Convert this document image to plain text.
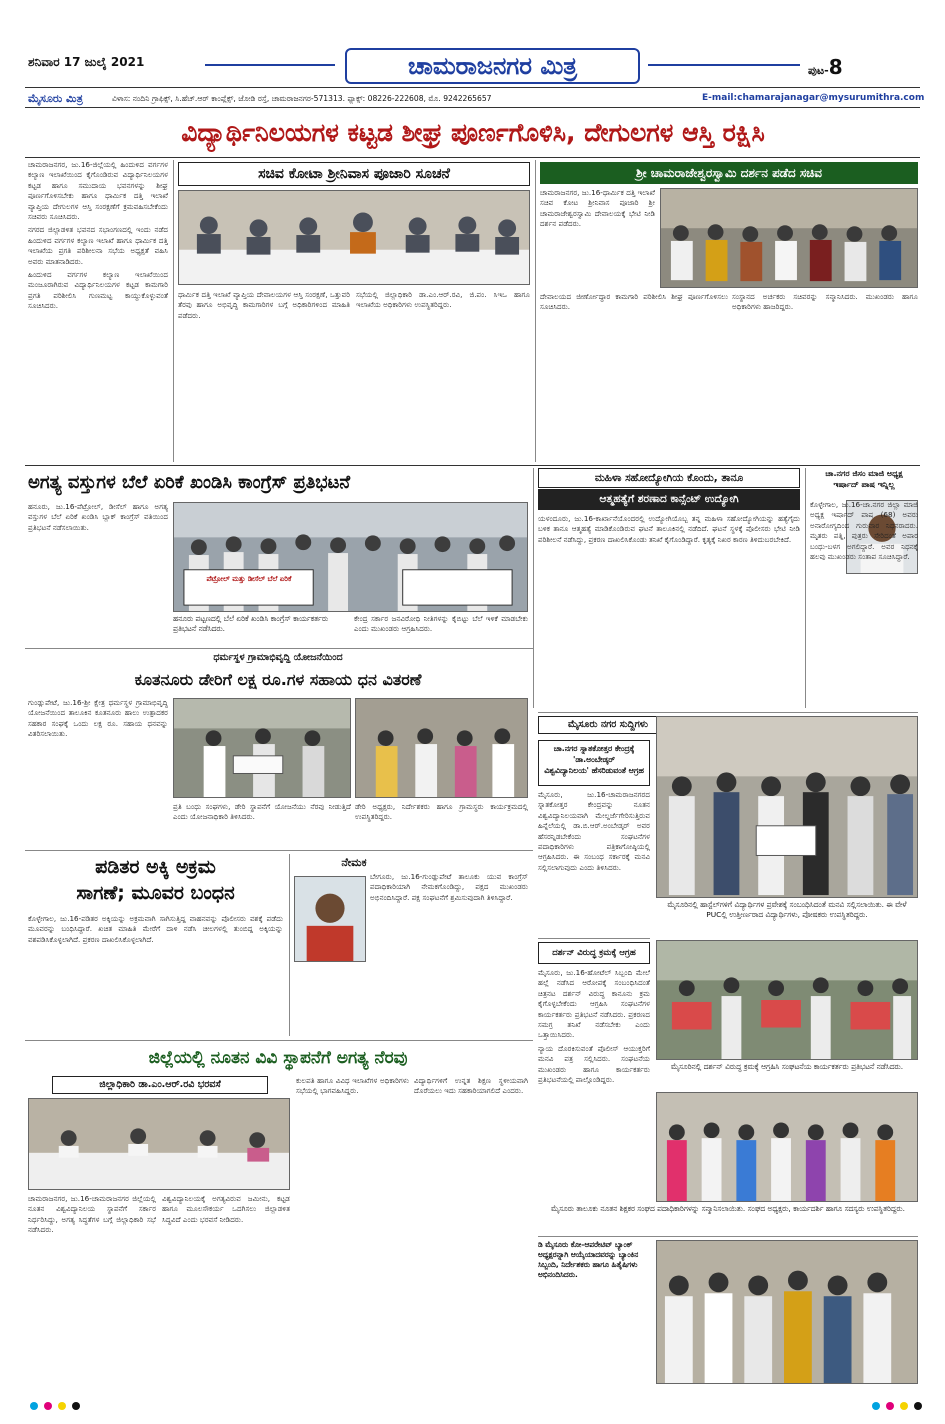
ಶನಿವಾರ 17 ಜುಲೈ 2021	ಚಾಮರಾಜನಗರ ಮಿತ್ರ	ಪುಟ-8
ಮೈಸೂರು ಮಿತ್ರ	ವಿಳಾಸ: ನಂದಿನಿ ಗ್ರಾಫಿಕ್ಸ್, ಸಿ.ಹೆಚ್.ಆರ್ ಕಾಂಪ್ಲೆಕ್ಸ್, ಜೋಡಿ ರಸ್ತೆ, ಚಾಮರಾಜನಗರ-571313. ಫ್ಯಾಕ್ಸ್: 08226-222608, ಮೊ. 9242265657	E-mail:chamarajanagar@mysurumithra.com
ವಿದ್ಯಾರ್ಥಿನಿಲಯಗಳ ಕಟ್ಟಡ ಶೀಘ್ರ ಪೂರ್ಣಗೊಳಿಸಿ, ದೇಗುಲಗಳ ಆಸ್ತಿ ರಕ್ಷಿಸಿ

ಚಾಮರಾಜನಗರ, ಜು.16-ಜಿಲ್ಲೆಯಲ್ಲಿ ಹಿಂದುಳಿದ ವರ್ಗಗಳ ಕಲ್ಯಾಣ ಇಲಾಖೆಯಿಂದ ಕೈಗೊಂಡಿರುವ ವಿದ್ಯಾರ್ಥಿನಿಲಯಗಳ ಕಟ್ಟಡ ಹಾಗೂ ಸಮುದಾಯ ಭವನಗಳನ್ನು ಶೀಘ್ರ ಪೂರ್ಣಗೊಳಿಸಬೇಕು ಹಾಗೂ ಧಾರ್ಮಿಕ ದತ್ತಿ ಇಲಾಖೆ ವ್ಯಾಪ್ತಿಯ ದೇಗುಲಗಳ ಆಸ್ತಿ ಸಂರಕ್ಷಣೆಗೆ ಕ್ರಮವಹಿಸಬೇಕೆಂದು ಸಚಿವರು ಸೂಚಿಸಿದರು.

ನಗರದ ಜಿಲ್ಲಾಡಳಿತ ಭವನದ ಸಭಾಂಗಣದಲ್ಲಿ ಇಂದು ನಡೆದ ಹಿಂದುಳಿದ ವರ್ಗಗಳ ಕಲ್ಯಾಣ ಇಲಾಖೆ ಹಾಗೂ ಧಾರ್ಮಿಕ ದತ್ತಿ ಇಲಾಖೆಯ ಪ್ರಗತಿ ಪರಿಶೀಲನಾ ಸಭೆಯ ಅಧ್ಯಕ್ಷತೆ ವಹಿಸಿ ಅವರು ಮಾತನಾಡಿದರು.

ಹಿಂದುಳಿದ ವರ್ಗಗಳ ಕಲ್ಯಾಣ ಇಲಾಖೆಯಿಂದ ಮಂಜೂರಾಗಿರುವ ವಿದ್ಯಾರ್ಥಿನಿಲಯಗಳ ಕಟ್ಟಡ ಕಾಮಗಾರಿ ಪ್ರಗತಿ ಪರಿಶೀಲಿಸಿ ಗುಣಮಟ್ಟ ಕಾಯ್ದುಕೊಳ್ಳುವಂತೆ ಸೂಚಿಸಿದರು.

ಸಚಿವ ಕೋಟಾ ಶ್ರೀನಿವಾಸ ಪೂಜಾರಿ ಸೂಚನೆ

ಧಾರ್ಮಿಕ ದತ್ತಿ ಇಲಾಖೆ ವ್ಯಾಪ್ತಿಯ ದೇವಾಲಯಗಳ ಆಸ್ತಿ ಸಂರಕ್ಷಣೆ, ಒತ್ತುವರಿ ತೆರವು ಹಾಗೂ ಅಭಿವೃದ್ಧಿ ಕಾಮಗಾರಿಗಳ ಬಗ್ಗೆ ಅಧಿಕಾರಿಗಳಿಂದ ಮಾಹಿತಿ ಪಡೆದರು.

ಸಭೆಯಲ್ಲಿ ಜಿಲ್ಲಾಧಿಕಾರಿ ಡಾ.ಎಂ.ಆರ್.ರವಿ, ಜಿ.ಪಂ. ಸಿಇಒ ಹಾಗೂ ಇಲಾಖೆಯ ಅಧಿಕಾರಿಗಳು ಉಪಸ್ಥಿತರಿದ್ದರು.

ಶ್ರೀ ಚಾಮರಾಜೇಶ್ವರಸ್ವಾಮಿ ದರ್ಶನ ಪಡೆದ ಸಚಿವ

ಚಾಮರಾಜನಗರ, ಜು.16-ಧಾರ್ಮಿಕ ದತ್ತಿ ಇಲಾಖೆ ಸಚಿವ ಕೋಟ ಶ್ರೀನಿವಾಸ ಪೂಜಾರಿ ಶ್ರೀ ಚಾಮರಾಜೇಶ್ವರಸ್ವಾಮಿ ದೇವಾಲಯಕ್ಕೆ ಭೇಟಿ ನೀಡಿ ದರ್ಶನ ಪಡೆದರು.

ದೇವಾಲಯದ ಜೀರ್ಣೋದ್ಧಾರ ಕಾಮಗಾರಿ ಪರಿಶೀಲಿಸಿ ಶೀಘ್ರ ಪೂರ್ಣಗೊಳಿಸಲು ಸೂಚಿಸಿದರು.

ಸಂಸ್ಥಾನದ ಅರ್ಚಕರು ಸಚಿವರನ್ನು ಸನ್ಮಾನಿಸಿದರು. ಮುಖಂಡರು ಹಾಗೂ ಅಧಿಕಾರಿಗಳು ಹಾಜರಿದ್ದರು.

ಅಗತ್ಯ ವಸ್ತುಗಳ ಬೆಲೆ ಏರಿಕೆ ಖಂಡಿಸಿ ಕಾಂಗ್ರೆಸ್ ಪ್ರತಿಭಟನೆ

ಹನೂರು, ಜು.16-ಪೆಟ್ರೋಲ್, ಡೀಸೆಲ್ ಹಾಗೂ ಅಗತ್ಯ ವಸ್ತುಗಳ ಬೆಲೆ ಏರಿಕೆ ಖಂಡಿಸಿ ಬ್ಲಾಕ್ ಕಾಂಗ್ರೆಸ್ ವತಿಯಿಂದ ಪ್ರತಿಭಟನೆ ನಡೆಸಲಾಯಿತು.

ಪೆಟ್ರೋಲ್ ಮತ್ತು ಡೀಸೆಲ್ ಬೆಲೆ ಏರಿಕೆ
ಹನೂರು ಪಟ್ಟಣದಲ್ಲಿ ಬೆಲೆ ಏರಿಕೆ ಖಂಡಿಸಿ ಕಾಂಗ್ರೆಸ್ ಕಾರ್ಯಕರ್ತರು ಪ್ರತಿಭಟನೆ ನಡೆಸಿದರು.

ಕೇಂದ್ರ ಸರ್ಕಾರ ಜನವಿರೋಧಿ ನೀತಿಗಳನ್ನು ಕೈಬಿಟ್ಟು ಬೆಲೆ ಇಳಿಕೆ ಮಾಡಬೇಕು ಎಂದು ಮುಖಂಡರು ಆಗ್ರಹಿಸಿದರು.

ಮಹಿಳಾ ಸಹೋದ್ಯೋಗಿಯ ಕೊಂದು, ತಾನೂ
ಆತ್ಮಹತ್ಯೆಗೆ ಶರಣಾದ ಕಾನ್ಸೆಂಟ್ ಉದ್ಯೋಗಿ

ಯಳಂದೂರು, ಜು.16-ಕಾರ್ಖಾನೆಯೊಂದರಲ್ಲಿ ಉದ್ಯೋಗಿಯೊಬ್ಬ ತನ್ನ ಮಹಿಳಾ ಸಹೋದ್ಯೋಗಿಯನ್ನು ಹತ್ಯೆಗೈದು ಬಳಿಕ ತಾನೂ ಆತ್ಮಹತ್ಯೆ ಮಾಡಿಕೊಂಡಿರುವ ಘಟನೆ ತಾಲೂಕಿನಲ್ಲಿ ನಡೆದಿದೆ. ಘಟನೆ ಸ್ಥಳಕ್ಕೆ ಪೊಲೀಸರು ಭೇಟಿ ನೀಡಿ ಪರಿಶೀಲನೆ ನಡೆಸಿದ್ದು, ಪ್ರಕರಣ ದಾಖಲಿಸಿಕೊಂಡು ತನಿಖೆ ಕೈಗೊಂಡಿದ್ದಾರೆ. ಕೃತ್ಯಕ್ಕೆ ನಿಖರ ಕಾರಣ ತಿಳಿದುಬರಬೇಕಿದೆ.

ಚಾ.ನಗರ ಜಿಸಂ ಮಾಜಿ ಅಧ್ಯಕ್ಷ
ಇರ್ಷಾದ್ ಪಾಷ ಇನ್ನಿಲ್ಲ

ಕೊಳ್ಳೇಗಾಲ, ಜು.16-ಚಾ.ನಗರ ಜಿಲ್ಲಾ ಮಾಜಿ ಅಧ್ಯಕ್ಷ ಇರ್ಷಾದ್ ಪಾಷ (68) ಅವರು ಅನಾರೋಗ್ಯದಿಂದ ಗುರುವಾರ ನಿಧನರಾದರು. ಮೃತರು ಪತ್ನಿ, ಪುತ್ರರು ಸೇರಿದಂತೆ ಅಪಾರ ಬಂಧು-ಬಳಗ ಅಗಲಿದ್ದಾರೆ. ಅವರ ನಿಧನಕ್ಕೆ ಹಲವು ಮುಖಂಡರು ಸಂತಾಪ ಸೂಚಿಸಿದ್ದಾರೆ.

ಧರ್ಮಸ್ಥಳ ಗ್ರಾಮಾಭಿವೃದ್ಧಿ ಯೋಜನೆಯಿಂದ
ಕೂತನೂರು ಡೇರಿಗೆ ಲಕ್ಷ ರೂ.ಗಳ ಸಹಾಯ ಧನ ವಿತರಣೆ

ಗುಂಡ್ಲುಪೇಟೆ, ಜು.16-ಶ್ರೀ ಕ್ಷೇತ್ರ ಧರ್ಮಸ್ಥಳ ಗ್ರಾಮಾಭಿವೃದ್ಧಿ ಯೋಜನೆಯಿಂದ ತಾಲೂಕಿನ ಕೂತನೂರು ಹಾಲು ಉತ್ಪಾದಕರ ಸಹಕಾರ ಸಂಘಕ್ಕೆ ಒಂದು ಲಕ್ಷ ರೂ. ಸಹಾಯ ಧನವನ್ನು ವಿತರಿಸಲಾಯಿತು.

ಪ್ರತಿ ಬಂಧು ಸಂಘಗಳು, ಡೇರಿ ಸ್ಥಾಪನೆಗೆ ಯೋಜನೆಯು ನೆರವು ನೀಡುತ್ತಿದೆ ಎಂದು ಯೋಜನಾಧಿಕಾರಿ ತಿಳಿಸಿದರು.

ಡೇರಿ ಅಧ್ಯಕ್ಷರು, ನಿರ್ದೇಶಕರು ಹಾಗೂ ಗ್ರಾಮಸ್ಥರು ಕಾರ್ಯಕ್ರಮದಲ್ಲಿ ಉಪಸ್ಥಿತರಿದ್ದರು.

ಪಡಿತರ ಅಕ್ಕಿ ಅಕ್ರಮ
ಸಾಗಣೆ; ಮೂವರ ಬಂಧನ

ಕೊಳ್ಳೇಗಾಲ, ಜು.16-ಪಡಿತರ ಅಕ್ಕಿಯನ್ನು ಅಕ್ರಮವಾಗಿ ಸಾಗಿಸುತ್ತಿದ್ದ ವಾಹನವನ್ನು ಪೊಲೀಸರು ವಶಕ್ಕೆ ಪಡೆದು ಮೂವರನ್ನು ಬಂಧಿಸಿದ್ದಾರೆ. ಖಚಿತ ಮಾಹಿತಿ ಮೇರೆಗೆ ದಾಳಿ ನಡೆಸಿ ಚೀಲಗಳಲ್ಲಿ ತುಂಬಿದ್ದ ಅಕ್ಕಿಯನ್ನು ವಶಪಡಿಸಿಕೊಳ್ಳಲಾಗಿದೆ. ಪ್ರಕರಣ ದಾಖಲಿಸಿಕೊಳ್ಳಲಾಗಿದೆ.

ನೇಮಕ

ಬೇಗೂರು, ಜು.16-ಗುಂಡ್ಲುಪೇಟೆ ತಾಲೂಕು ಯುವ ಕಾಂಗ್ರೆಸ್ ಪದಾಧಿಕಾರಿಯಾಗಿ ನೇಮಕಗೊಂಡಿದ್ದು, ಪಕ್ಷದ ಮುಖಂಡರು ಅಭಿನಂದಿಸಿದ್ದಾರೆ. ಪಕ್ಷ ಸಂಘಟನೆಗೆ ಶ್ರಮಿಸುವುದಾಗಿ ತಿಳಿಸಿದ್ದಾರೆ.

ಜಿಲ್ಲೆಯಲ್ಲಿ ನೂತನ ವಿವಿ ಸ್ಥಾಪನೆಗೆ ಅಗತ್ಯ ನೆರವು
ಜಿಲ್ಲಾಧಿಕಾರಿ ಡಾ.ಎಂ.ಆರ್.ರವಿ ಭರವಸೆ

ಚಾಮರಾಜನಗರ, ಜು.16-ಚಾಮರಾಜನಗರ ಜಿಲ್ಲೆಯಲ್ಲಿ ನೂತನ ವಿಶ್ವವಿದ್ಯಾನಿಲಯ ಸ್ಥಾಪನೆಗೆ ಸರ್ಕಾರ ನಿರ್ಧರಿಸಿದ್ದು, ಅಗತ್ಯ ಸಿದ್ಧತೆಗಳ ಬಗ್ಗೆ ಜಿಲ್ಲಾಧಿಕಾರಿ ಸಭೆ ನಡೆಸಿದರು.

ವಿಶ್ವವಿದ್ಯಾನಿಲಯಕ್ಕೆ ಅಗತ್ಯವಿರುವ ಜಮೀನು, ಕಟ್ಟಡ ಹಾಗೂ ಮೂಲಸೌಕರ್ಯ ಒದಗಿಸಲು ಜಿಲ್ಲಾಡಳಿತ ಸಿದ್ಧವಿದೆ ಎಂದು ಭರವಸೆ ನೀಡಿದರು.

ಕುಲಪತಿ ಹಾಗೂ ವಿವಿಧ ಇಲಾಖೆಗಳ ಅಧಿಕಾರಿಗಳು ಸಭೆಯಲ್ಲಿ ಭಾಗವಹಿಸಿದ್ದರು.

ವಿದ್ಯಾರ್ಥಿಗಳಿಗೆ ಉನ್ನತ ಶಿಕ್ಷಣ ಸ್ಥಳೀಯವಾಗಿ ದೊರೆಯಲು ಇದು ಸಹಕಾರಿಯಾಗಲಿದೆ ಎಂದರು.

ಮೈಸೂರು ನಗರ ಸುದ್ದಿಗಳು
ಚಾ.ನಗರ ಸ್ನಾತಕೋತ್ತರ ಕೇಂದ್ರಕ್ಕೆ 'ಡಾ.ಅಂಬೇಡ್ಕರ್
ವಿಶ್ವವಿದ್ಯಾನಿಲಯ' ಹೆಸರಿಡುವಂತೆ ಆಗ್ರಹ

ಮೈಸೂರು, ಜು.16-ಚಾಮರಾಜನಗರದ ಸ್ನಾತಕೋತ್ತರ ಕೇಂದ್ರವನ್ನು ನೂತನ ವಿಶ್ವವಿದ್ಯಾನಿಲಯವಾಗಿ ಮೇಲ್ದರ್ಜೆಗೇರಿಸುತ್ತಿರುವ ಹಿನ್ನೆಲೆಯಲ್ಲಿ ಡಾ.ಬಿ.ಆರ್.ಅಂಬೇಡ್ಕರ್ ಅವರ ಹೆಸರನ್ನಿಡಬೇಕೆಂದು ಸಂಘಟನೆಗಳ ಪದಾಧಿಕಾರಿಗಳು ಪತ್ರಿಕಾಗೋಷ್ಠಿಯಲ್ಲಿ ಆಗ್ರಹಿಸಿದರು. ಈ ಸಂಬಂಧ ಸರ್ಕಾರಕ್ಕೆ ಮನವಿ ಸಲ್ಲಿಸಲಾಗುವುದು ಎಂದು ತಿಳಿಸಿದರು.

ಮೈಸೂರಿನಲ್ಲಿ ಹಾಸ್ಟೆಲ್‌ಗಳಿಗೆ ವಿದ್ಯಾರ್ಥಿಗಳ ಪ್ರವೇಶಕ್ಕೆ ಸಂಬಂಧಿಸಿದಂತೆ ಮನವಿ ಸಲ್ಲಿಸಲಾಯಿತು. ಈ ವೇಳೆ PUCಲ್ಲಿ ಉತ್ತೀರ್ಣರಾದ ವಿದ್ಯಾರ್ಥಿಗಳು, ಪೋಷಕರು ಉಪಸ್ಥಿತರಿದ್ದರು.
ದರ್ಶನ್ ವಿರುದ್ಧ ಕ್ರಮಕ್ಕೆ ಆಗ್ರಹ

ಮೈಸೂರು, ಜು.16-ಹೋಟೆಲ್ ಸಿಬ್ಬಂದಿ ಮೇಲೆ ಹಲ್ಲೆ ನಡೆಸಿದ ಆರೋಪಕ್ಕೆ ಸಂಬಂಧಿಸಿದಂತೆ ಚಿತ್ರನಟ ದರ್ಶನ್ ವಿರುದ್ಧ ಕಾನೂನು ಕ್ರಮ ಕೈಗೊಳ್ಳಬೇಕೆಂದು ಆಗ್ರಹಿಸಿ ಸಂಘಟನೆಗಳ ಕಾರ್ಯಕರ್ತರು ಪ್ರತಿಭಟನೆ ನಡೆಸಿದರು. ಪ್ರಕರಣದ ಸಮಗ್ರ ತನಿಖೆ ನಡೆಸಬೇಕು ಎಂದು ಒತ್ತಾಯಿಸಿದರು.

ನ್ಯಾಯ ದೊರಕಿಸುವಂತೆ ಪೊಲೀಸ್ ಆಯುಕ್ತರಿಗೆ ಮನವಿ ಪತ್ರ ಸಲ್ಲಿಸಿದರು. ಸಂಘಟನೆಯ ಮುಖಂಡರು ಹಾಗೂ ಕಾರ್ಯಕರ್ತರು ಪ್ರತಿಭಟನೆಯಲ್ಲಿ ಪಾಲ್ಗೊಂಡಿದ್ದರು.

ಮೈಸೂರಿನಲ್ಲಿ ದರ್ಶನ್ ವಿರುದ್ಧ ಕ್ರಮಕ್ಕೆ ಆಗ್ರಹಿಸಿ ಸಂಘಟನೆಯ ಕಾರ್ಯಕರ್ತರು ಪ್ರತಿಭಟನೆ ನಡೆಸಿದರು.
ಮೈಸೂರು ತಾಲೂಕು ನೂತನ ಶಿಕ್ಷಕರ ಸಂಘದ ಪದಾಧಿಕಾರಿಗಳನ್ನು ಸನ್ಮಾನಿಸಲಾಯಿತು. ಸಂಘದ ಅಧ್ಯಕ್ಷರು, ಕಾರ್ಯದರ್ಶಿ ಹಾಗೂ ಸದಸ್ಯರು ಉಪಸ್ಥಿತರಿದ್ದರು.
ಡಿ ಮೈಸೂರು ಕೋ-ಆಪರೇಟಿವ್ ಬ್ಯಾಂಕ್ ಅಧ್ಯಕ್ಷರನ್ನಾಗಿ ಆಯ್ಕೆಯಾದವರನ್ನು ಬ್ಯಾಂಕಿನ ಸಿಬ್ಬಂದಿ, ನಿರ್ದೇಶಕರು ಹಾಗೂ ಹಿತೈಷಿಗಳು ಅಭಿನಂದಿಸಿದರು.
